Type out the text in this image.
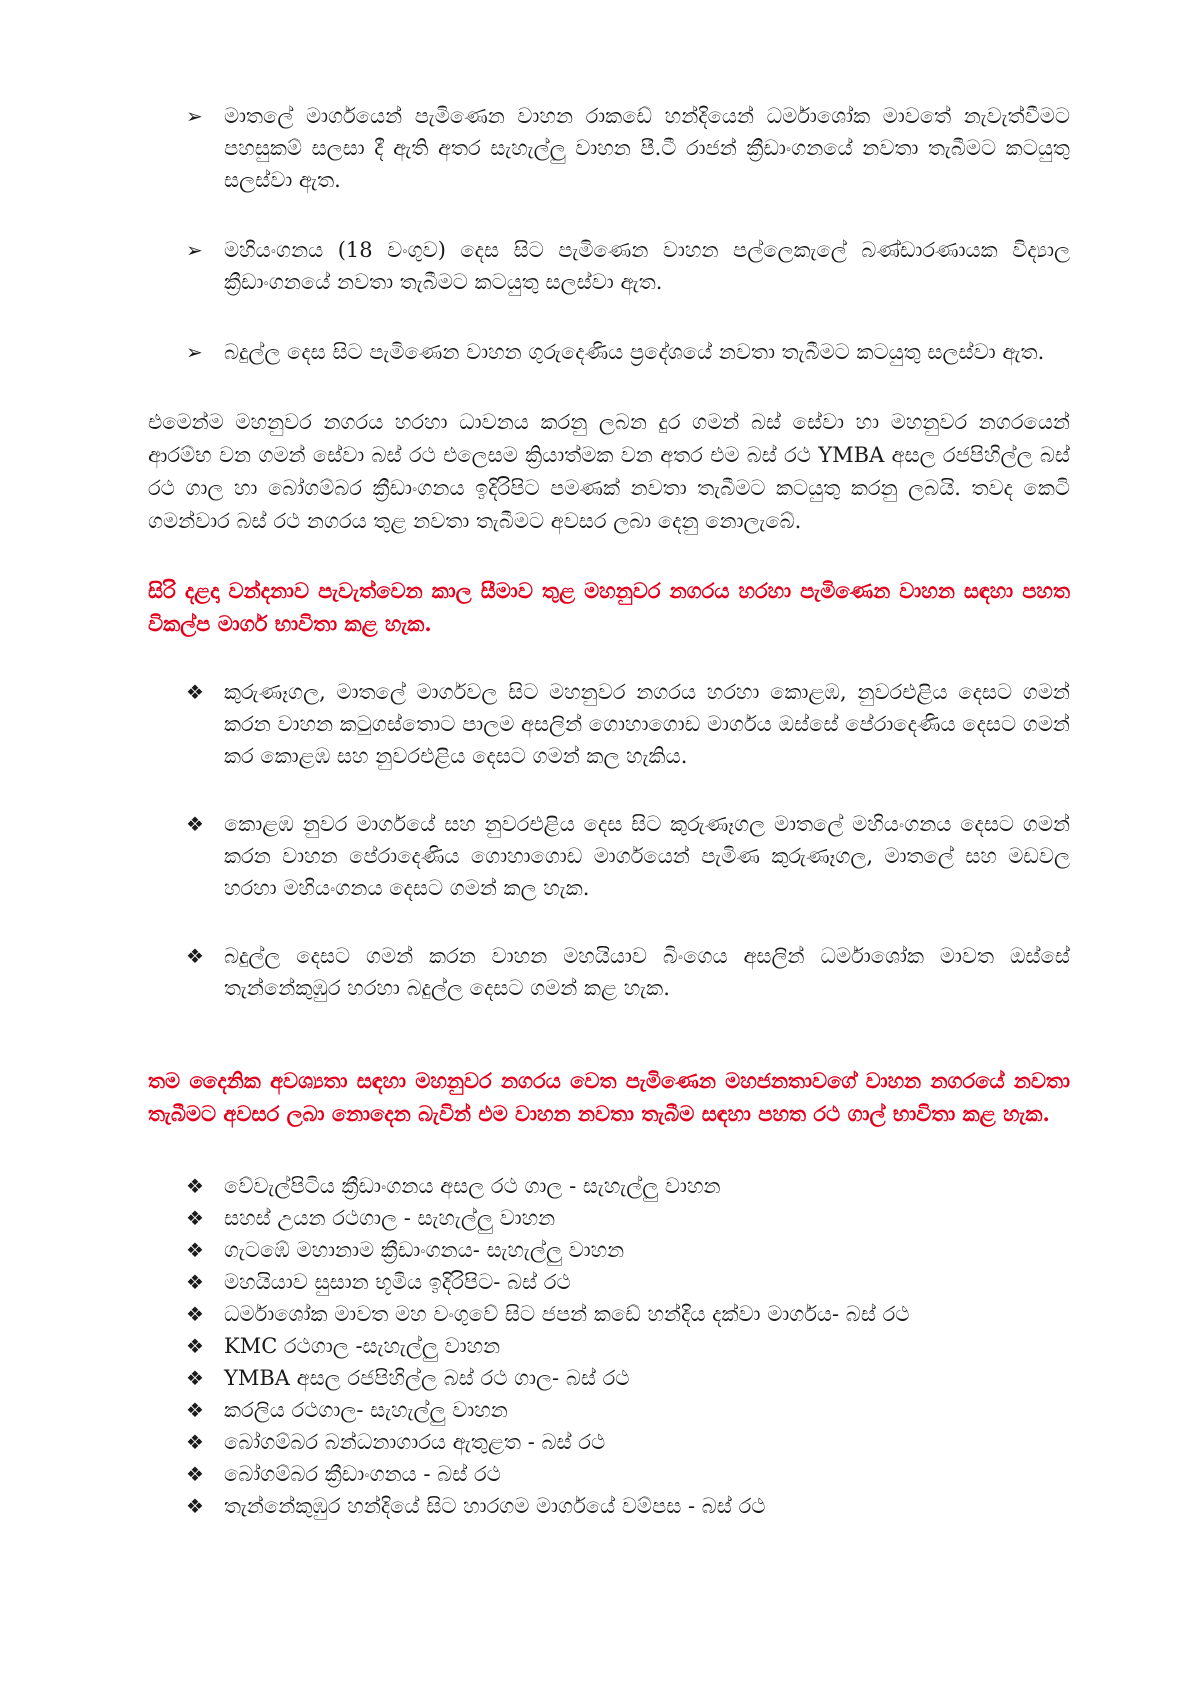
➢ මාතලේ මාර්ගයෙන් පැමිණෙන වාහන රාකඩේ හන්දියෙන් ධර්මාශෝක මාවතේ නැවැත්වීමට පහසුකම් සලසා දී ඇති අතර සැහැල්ලු වාහන පී.ටී රාජන් ක්‍රීඩාංගනයේ නවතා තැබීමට කටයුතු සලස්වා ඇත.
➢ මහියංගනය (18 වංගුව) දෙස සිට පැමිණෙන වාහන පල්ලෙකැලේ බණ්ඩාරණායක විද්‍යාල ක්‍රීඩාංගනයේ නවතා තැබීමට කටයුතු සලස්වා ඇත.
➢ බදුල්ල දෙස සිට පැමිණෙන වාහන ගුරුදෙණිය ප්‍රදේශයේ නවතා තැබීමට කටයුතු සලස්වා ඇත.

එමෙන්ම මහනුවර නගරය හරහා ධාවනය කරනු ලබන දුර ගමන් බස් සේවා හා මහනුවර නගරයෙන් ආරම්භ වන ගමන් සේවා බස් රථ එලෙසම ක්‍රියාත්මක වන අතර එම බස් රථ YMBA අසල රජපිහිල්ල බස් රථ ගාල හා බෝගම්බර ක්‍රීඩාංගනය ඉදිරිපිට පමණක් නවතා තැබීමට කටයුතු කරනු ලබයි. තවද කෙටි ගමන්වාර බස් රථ නගරය තුළ නවතා තැබීමට අවසර ලබා දෙනු නොලැබේ.

සිරි දළදා වන්දනාව පැවැත්වෙන කාල සීමාව තුළ මහනුවර නගරය හරහා පැමිණෙන වාහන සඳහා පහත විකල්ප මාර්ග භාවිතා කළ හැක.

❖ කුරුණෑගල, මාතලේ මාර්ගවල සිට මහනුවර නගරය හරහා කොළඹ, නුවරඑළිය දෙසට ගමන් කරන වාහන කටුගස්තොට පාලම අසලින් ගොහාගොඩ මාර්ගය ඔස්සේ පේරාදෙණිය දෙසට ගමන් කර කොළඹ සහ නුවරඑළිය දෙසට ගමන් කල හැකිය.
❖ කොළඹ නුවර මාර්ගයේ සහ නුවරඑළිය දෙස සිට කුරුණෑගල මාතලේ මහියංගනය දෙසට ගමන් කරන වාහන පේරාදෙණිය ගොහාගොඩ මාර්ගයෙන් පැමිණ කුරුණෑගල, මාතලේ සහ මඩවල හරහා මහියංගනය දෙසට ගමන් කල හැක.
❖ බදුල්ල දෙසට ගමන් කරන වාහන මහයියාව බිංගෙය අසලින් ධර්මාශෝක මාවත ඔස්සේ තැන්නේකුඹුර හරහා බදුල්ල දෙසට ගමන් කළ හැක.

තම දෛනික අවශ්‍යතා සඳහා මහනුවර නගරය වෙත පැමිණෙන මහජනතාවගේ වාහන නගරයේ නවතා තැබීමට අවසර ලබා නොදෙන බැවින් එම වාහන නවතා තැබීම සඳහා පහත රථ ගාල් භාවිතා කළ හැක.

❖ වේවැල්පිටිය ක්‍රීඩාංගනය අසල රථ ගාල - සැහැල්ලු වාහන
❖ සහස් උයන රථගාල - සැහැල්ලු වාහන
❖ ගැටඹේ මහානාම ක්‍රීඩාංගනය- සැහැල්ලු වාහන
❖ මහයියාව සුසාන භූමිය ඉදිරිපිට- බස් රථ
❖ ධර්මාශෝක මාවත මහ වංගුවේ සිට ජපන් කඩේ හන්දිය දක්වා මාර්ගය- බස් රථ
❖ KMC රථගාල -සැහැල්ලු වාහන
❖ YMBA අසල රජපිහිල්ල බස් රථ ගාල- බස් රථ
❖ කරලිය රථගාල- සැහැල්ලු වාහන
❖ බෝගම්බර බන්ධනාගාරය ඇතුළත - බස් රථ
❖ බෝගම්බර ක්‍රීඩාංගනය - බස් රථ
❖ තැන්නේකුඹුර හන්දියේ සිට හාරගම මාර්ගයේ වම්පස - බස් රථ
